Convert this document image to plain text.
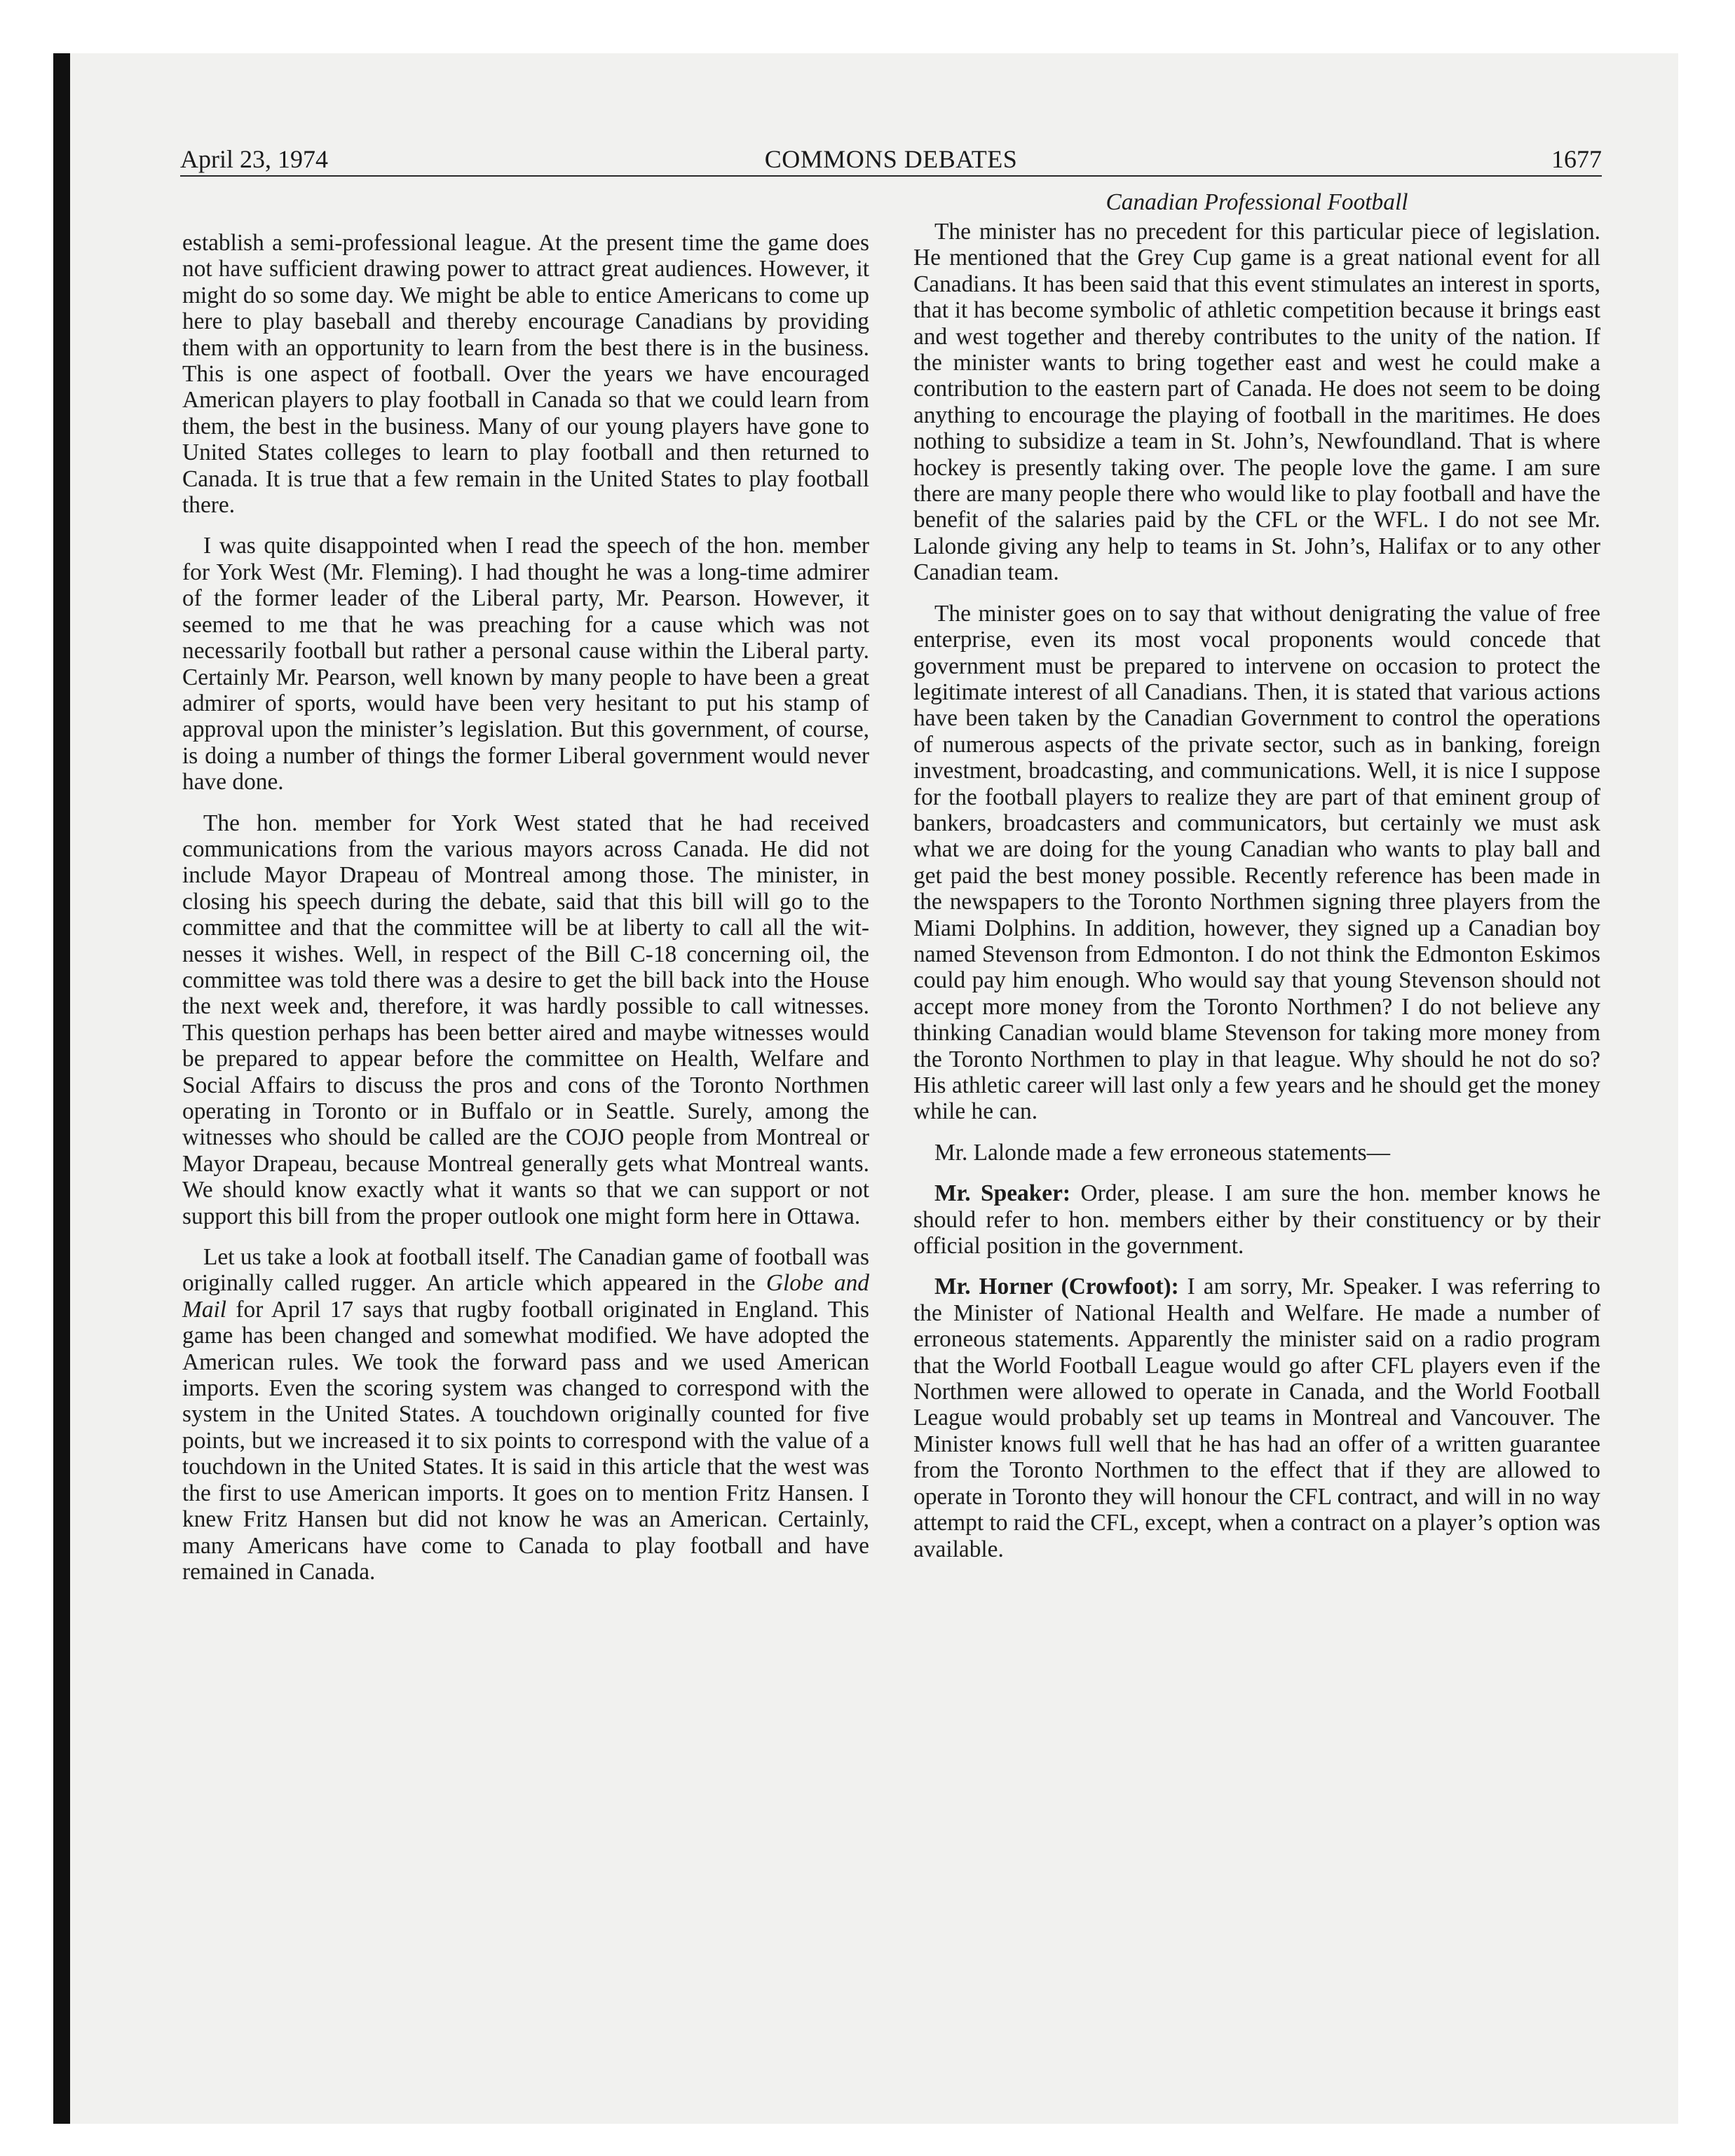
April 23, 1974	COMMONS DEBATES	1677

establish a semi-professional league. At the present time the game does not have sufficient drawing power to attract great audiences. However, it might do so some day. We might be able to entice Americans to come up here to play baseball and thereby encourage Canadians by providing them with an opportunity to learn from the best there is in the business. This is one aspect of football. Over the years we have encouraged American players to play football in Canada so that we could learn from them, the best in the business. Many of our young players have gone to United States colleges to learn to play football and then returned to Canada. It is true that a few remain in the United States to play football there.

I was quite disappointed when I read the speech of the hon. member for York West (Mr. Fleming). I had thought he was a long-time admirer of the former leader of the Liberal party, Mr. Pearson. However, it seemed to me that he was preaching for a cause which was not necessarily football but rather a personal cause within the Liberal party. Certainly Mr. Pearson, well known by many people to have been a great admirer of sports, would have been very hesitant to put his stamp of approval upon the minister’s legislation. But this government, of course, is doing a number of things the former Liberal government would never have done.

The hon. member for York West stated that he had received communications from the various mayors across Canada. He did not include Mayor Drapeau of Montreal among those. The minister, in closing his speech during the debate, said that this bill will go to the committee and that the committee will be at liberty to call all the witnesses it wishes. Well, in respect of the Bill C-18 concerning oil, the committee was told there was a desire to get the bill back into the House the next week and, therefore, it was hardly possible to call witnesses. This question perhaps has been better aired and maybe witnesses would be prepared to appear before the committee on Health, Welfare and Social Affairs to discuss the pros and cons of the Toronto Northmen operating in Toronto or in Buffalo or in Seattle. Surely, among the witnesses who should be called are the COJO people from Montreal or Mayor Drapeau, because Montreal generally gets what Montreal wants. We should know exactly what it wants so that we can support or not support this bill from the proper outlook one might form here in Ottawa.

Let us take a look at football itself. The Canadian game of football was originally called rugger. An article which appeared in the Globe and Mail for April 17 says that rugby football originated in England. This game has been changed and somewhat modified. We have adopted the American rules. We took the forward pass and we used American imports. Even the scoring system was changed to correspond with the system in the United States. A touchdown originally counted for five points, but we increased it to six points to correspond with the value of a touchdown in the United States. It is said in this article that the west was the first to use American imports. It goes on to mention Fritz Hansen. I knew Fritz Hansen but did not know he was an American. Certainly, many Americans have come to Canada to play football and have remained in Canada.

Canadian Professional Football

The minister has no precedent for this particular piece of legislation. He mentioned that the Grey Cup game is a great national event for all Canadians. It has been said that this event stimulates an interest in sports, that it has become symbolic of athletic competition because it brings east and west together and thereby contributes to the unity of the nation. If the minister wants to bring together east and west he could make a contribution to the eastern part of Canada. He does not seem to be doing anything to encourage the playing of football in the maritimes. He does nothing to subsidize a team in St. John’s, Newfoundland. That is where hockey is presently taking over. The people love the game. I am sure there are many people there who would like to play football and have the benefit of the salaries paid by the CFL or the WFL. I do not see Mr. Lalonde giving any help to teams in St. John’s, Halifax or to any other Canadian team.

The minister goes on to say that without denigrating the value of free enterprise, even its most vocal proponents would concede that government must be prepared to intervene on occasion to protect the legitimate interest of all Canadians. Then, it is stated that various actions have been taken by the Canadian Government to control the operations of numerous aspects of the private sector, such as in banking, foreign investment, broadcasting, and communications. Well, it is nice I suppose for the football players to realize they are part of that eminent group of bankers, broadcasters and communicators, but certainly we must ask what we are doing for the young Canadian who wants to play ball and get paid the best money possible. Recently reference has been made in the newspapers to the Toronto Northmen signing three players from the Miami Dolphins. In addition, however, they signed up a Canadian boy named Stevenson from Edmonton. I do not think the Edmonton Eskimos could pay him enough. Who would say that young Stevenson should not accept more money from the Toronto Northmen? I do not believe any thinking Canadian would blame Stevenson for taking more money from the Toronto Northmen to play in that league. Why should he not do so? His athletic career will last only a few years and he should get the money while he can.

Mr. Lalonde made a few erroneous statements—

Mr. Speaker: Order, please. I am sure the hon. member knows he should refer to hon. members either by their constituency or by their official position in the government.

Mr. Horner (Crowfoot): I am sorry, Mr. Speaker. I was referring to the Minister of National Health and Welfare. He made a number of erroneous statements. Apparently the minister said on a radio program that the World Football League would go after CFL players even if the Northmen were allowed to operate in Canada, and the World Football League would probably set up teams in Montreal and Vancouver. The Minister knows full well that he has had an offer of a written guarantee from the Toronto Northmen to the effect that if they are allowed to operate in Toronto they will honour the CFL contract, and will in no way attempt to raid the CFL, except, when a contract on a player’s option was available.
